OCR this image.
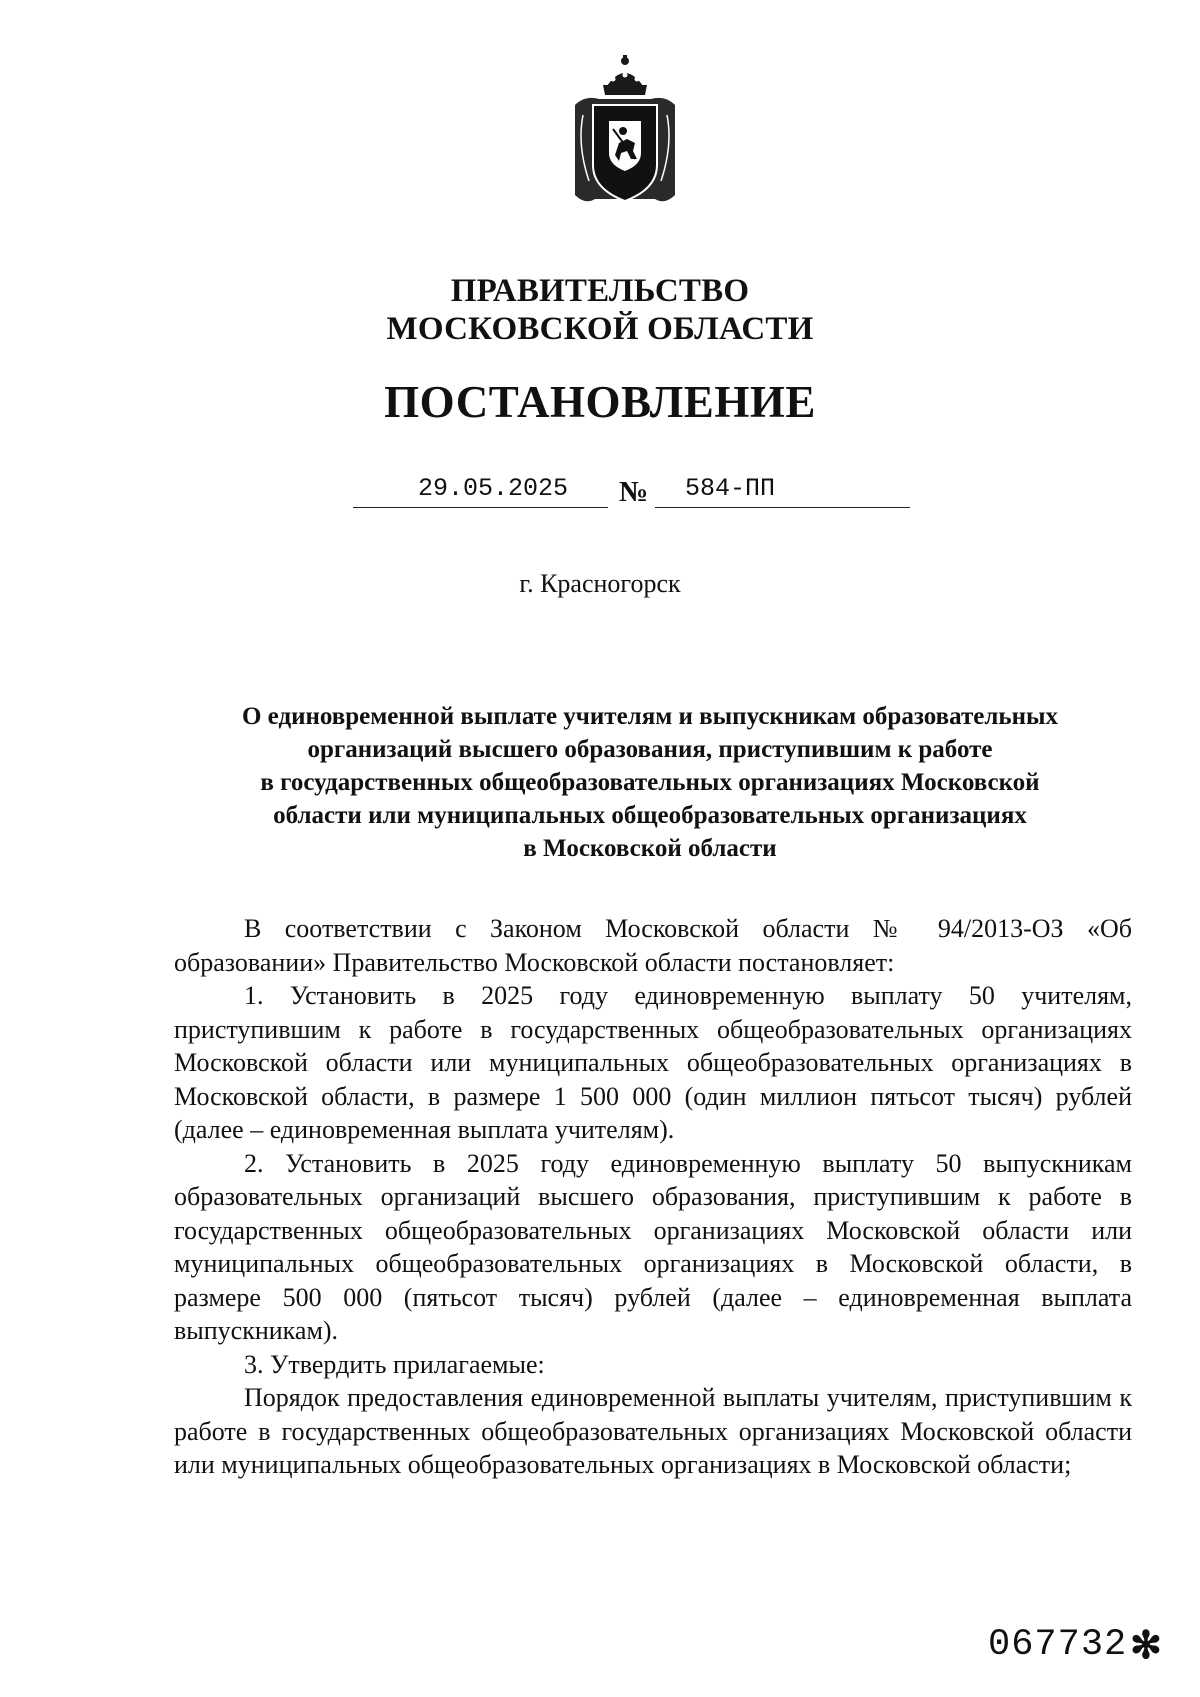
ПРАВИТЕЛЬСТВО
МОСКОВСКОЙ ОБЛАСТИ
ПОСТАНОВЛЕНИЕ
29.05.2025	№	584-ПП
г. Красногорск
О единовременной выплате учителям и выпускникам образовательных
организаций высшего образования, приступившим к работе
в государственных общеобразовательных организациях Московской
области или муниципальных общеобразовательных организациях
в Московской области

В соответствии с Законом Московской области № 94/2013-ОЗ «Об образовании» Правительство Московской области постановляет:

1. Установить в 2025 году единовременную выплату 50 учителям, приступившим к работе в государственных общеобразовательных организациях Московской области или муниципальных общеобразовательных организациях в Московской области, в размере 1 500 000 (один миллион пятьсот тысяч) рублей (далее – единовременная выплата учителям).

2. Установить в 2025 году единовременную выплату 50 выпускникам образовательных организаций высшего образования, приступившим к работе в государственных общеобразовательных организациях Московской области или муниципальных общеобразовательных организациях в Московской области, в размере 500 000 (пятьсот тысяч) рублей (далее – единовременная выплата выпускникам).

3. Утвердить прилагаемые:

Порядок предоставления единовременной выплаты учителям, приступившим к работе в государственных общеобразовательных организациях Московской области или муниципальных общеобразовательных организациях в Московской области;

067732 ✻
